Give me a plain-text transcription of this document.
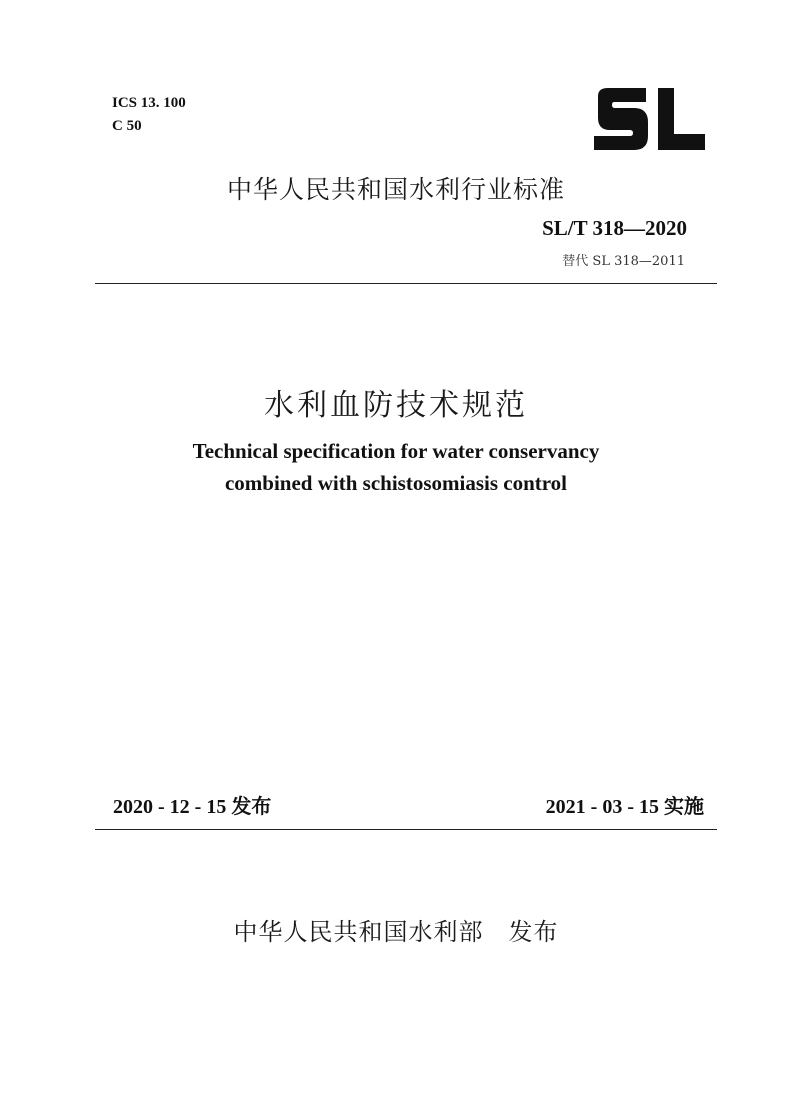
ICS 13. 100
C 50
中华人民共和国水利行业标准
SL/T 318—2020
替代 SL 318—2011
水利血防技术规范
Technical specification for water conservancy
combined with schistosomiasis control
2020 - 12 - 15 发布	2021 - 03 - 15 实施
中华人民共和国水利部　发布
